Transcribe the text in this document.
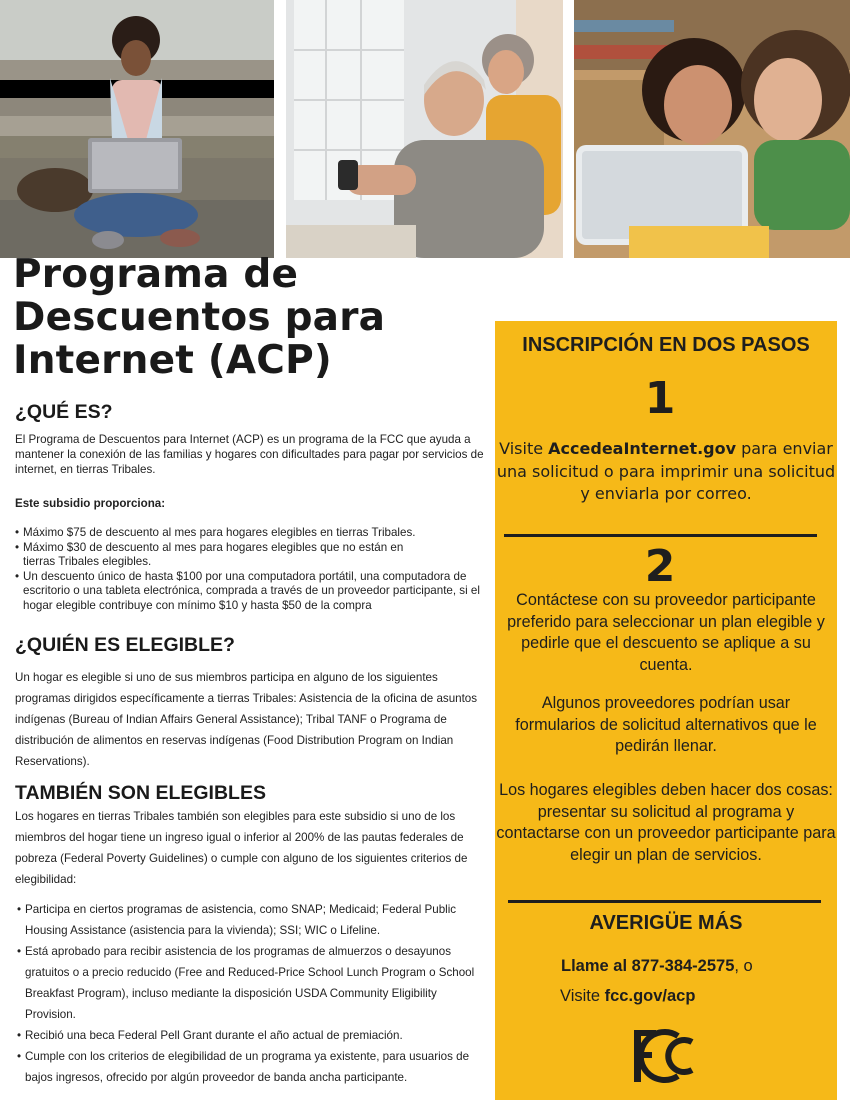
Programa de
Descuentos para
Internet (ACP)
¿QUÉ ES?

El Programa de Descuentos para Internet (ACP) es un programa de la FCC que ayuda a mantener la conexión de las familias y hogares con dificultades para pagar por servicios de internet, en tierras Tribales.

Este subsidio proporciona:

• Máximo $75 de descuento al mes para hogares elegibles en tierras Tribales.
• Máximo $30 de descuento al mes para hogares elegibles que no están en tierras Tribales elegibles.
• Un descuento único de hasta $100 por una computadora portátil, una computadora de escritorio o una tableta electrónica, comprada a través de un proveedor participante, si el hogar elegible contribuye con mínimo $10 y hasta $50 de la compra
¿QUIÉN ES ELEGIBLE?

Un hogar es elegible si uno de sus miembros participa en alguno de los siguientes programas dirigidos específicamente a tierras Tribales: Asistencia de la oficina de asuntos indígenas (Bureau of Indian Affairs General Assistance); Tribal TANF o Programa de distribución de alimentos en reservas indígenas (Food Distribution Program on Indian Reservations).

TAMBIÉN SON ELEGIBLES

Los hogares en tierras Tribales también son elegibles para este subsidio si uno de los miembros del hogar tiene un ingreso igual o inferior al 200% de las pautas federales de pobreza (Federal Poverty Guidelines) o cumple con alguno de los siguientes criterios de elegibilidad:

• Participa en ciertos programas de asistencia, como SNAP; Medicaid; Federal Public Housing Assistance (asistencia para la vivienda); SSI; WIC o Lifeline.
• Está aprobado para recibir asistencia de los programas de almuerzos o desayunos gratuitos o a precio reducido (Free and Reduced-Price School Lunch Program o School Breakfast Program), incluso mediante la disposición USDA Community Eligibility Provision.
• Recibió una beca Federal Pell Grant durante el año actual de premiación.
• Cumple con los criterios de elegibilidad de un programa ya existente, para usuarios de bajos ingresos, ofrecido por algún proveedor de banda ancha participante.
INSCRIPCIÓN EN DOS PASOS
1

Visite AccedeaInternet.gov para enviar una solicitud o para imprimir una solicitud y enviarla por correo.

2

Contáctese con su proveedor participante preferido para seleccionar un plan elegible y pedirle que el descuento se aplique a su cuenta.

Algunos proveedores podrían usar formularios de solicitud alternativos que le pedirán llenar.

Los hogares elegibles deben hacer dos cosas: presentar su solicitud al programa y contactarse con un proveedor participante para elegir un plan de servicios.

AVERIGÜE MÁS

Llame al 877-384-2575, o

Visite fcc.gov/acp
